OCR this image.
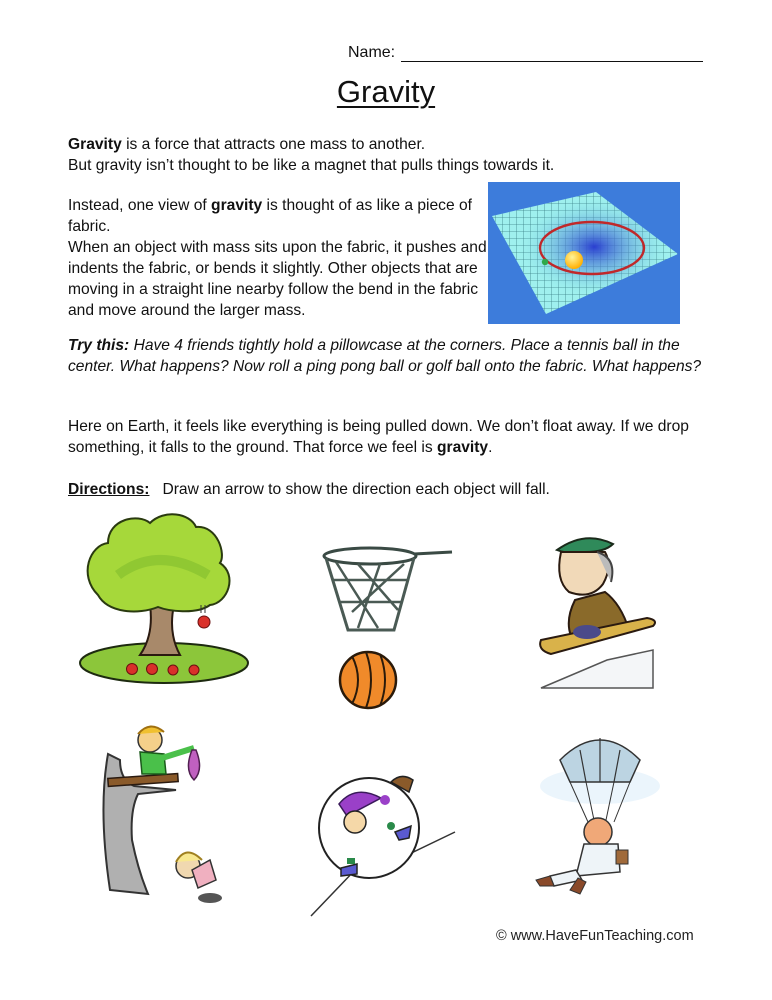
Name:
Gravity
Gravity is a force that attracts one mass to another.
But gravity isn’t thought to be like a magnet that pulls things towards it.
Instead, one view of gravity is thought of as like a piece of fabric.
When an object with mass sits upon the fabric, it pushes and indents the fabric, or bends it slightly. Other objects that are moving in a straight line nearby follow the bend in the fabric and move around the larger mass.
Try this: Have 4 friends tightly hold a pillowcase at the corners. Place a tennis ball in the center. What happens? Now roll a ping pong ball or golf ball onto the fabric. What happens?
Here on Earth, it feels like everything is being pulled down. We don’t float away. If we drop something, it falls to the ground. That force we feel is gravity.
Directions:   Draw an arrow to show the direction each object will fall.
© www.HaveFunTeaching.com
